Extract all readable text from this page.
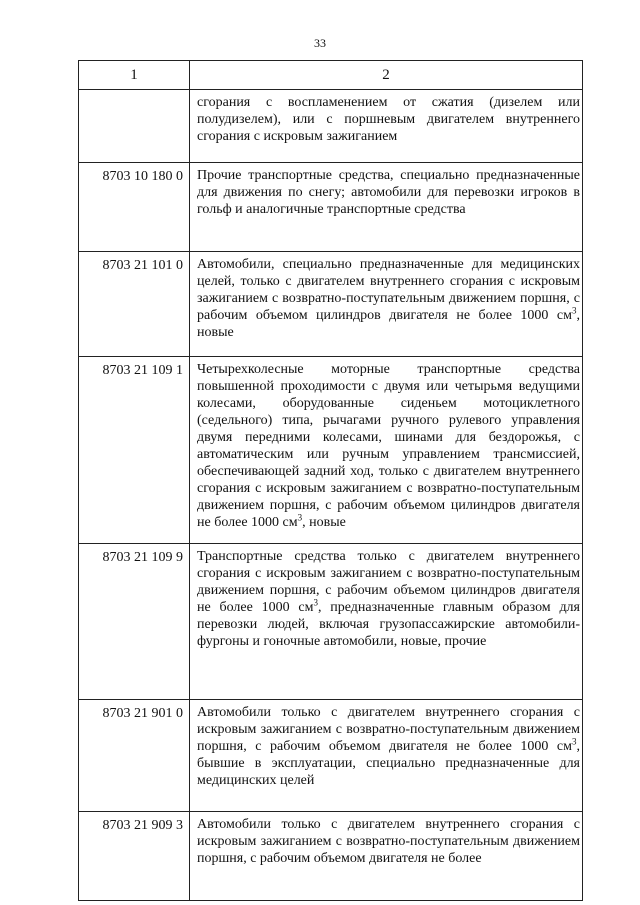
33
1	2
	сгорания с воспламенением от сжатия (дизелем или полудизелем), или с поршневым двигателем внутреннего сгорания с искровым зажиганием
8703 10 180 0	Прочие транспортные средства, специально предназначенные для движения по снегу; автомобили для перевозки игроков в гольф и аналогичные транспортные средства
8703 21 101 0	Автомобили, специально предназначенные для медицинских целей, только с двигателем внутреннего сгорания с искровым зажиганием с возвратно-поступательным движением поршня, с рабочим объемом цилиндров двигателя не более 1000 $см^3$, новые
8703 21 109 1	Четырехколесные моторные транспортные средства повышенной проходимости с двумя или четырьмя ведущими колесами, оборудованные сиденьем мотоциклетного (седельного) типа, рычагами ручного рулевого управления двумя передними колесами, шинами для бездорожья, с автоматическим или ручным управлением трансмиссией, обеспечивающей задний ход, только с двигателем внутреннего сгорания с искровым зажиганием с возвратно-поступательным движением поршня, с рабочим объемом цилиндров двигателя не более 1000 $см^3$, новые
8703 21 109 9	Транспортные средства только с двигателем внутреннего сгорания с искровым зажиганием с возвратно-поступательным движением поршня, с рабочим объемом цилиндров двигателя не более 1000 $см^3$, предназначенные главным образом для перевозки людей, включая грузопассажирские автомобили-фургоны и гоночные автомобили, новые, прочие
8703 21 901 0	Автомобили только с двигателем внутреннего сгорания с искровым зажиганием с возвратно-поступательным движением поршня, с рабочим объемом двигателя не более 1000 $см^3$, бывшие в эксплуатации, специально предназначенные для медицинских целей
8703 21 909 3	Автомобили только с двигателем внутреннего сгорания с искровым зажиганием с возвратно-поступательным движением поршня, с рабочим объемом двигателя не более
